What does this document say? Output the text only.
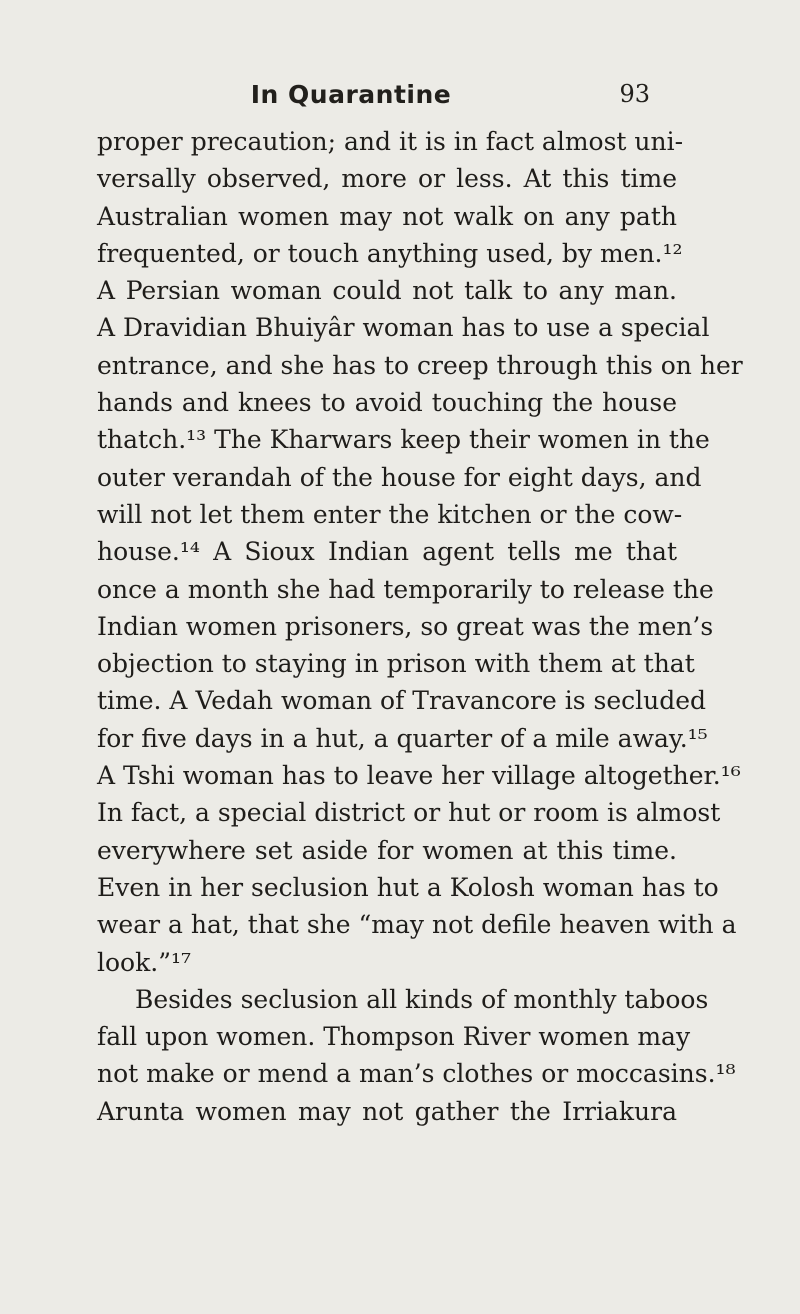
In Quarantine	93
proper precaution; and it is in fact almost uni-
versally observed, more or less. At this time
Australian women may not walk on any path
frequented, or touch anything used, by men.¹²
A Persian woman could not talk to any man.
A Dravidian Bhuiyâr woman has to use a special
entrance, and she has to creep through this on her
hands and knees to avoid touching the house
thatch.¹³ The Kharwars keep their women in the
outer verandah of the house for eight days, and
will not let them enter the kitchen or the cow-
house.¹⁴ A Sioux Indian agent tells me that
once a month she had temporarily to release the
Indian women prisoners, so great was the men’s
objection to staying in prison with them at that
time. A Vedah woman of Travancore is secluded
for five days in a hut, a quarter of a mile away.¹⁵
A Tshi woman has to leave her village altogether.¹⁶
In fact, a special district or hut or room is almost
everywhere set aside for women at this time.
Even in her seclusion hut a Kolosh woman has to
wear a hat, that she “may not defile heaven with a
look.”¹⁷
Besides seclusion all kinds of monthly taboos
fall upon women. Thompson River women may
not make or mend a man’s clothes or moccasins.¹⁸
Arunta women may not gather the Irriakura
